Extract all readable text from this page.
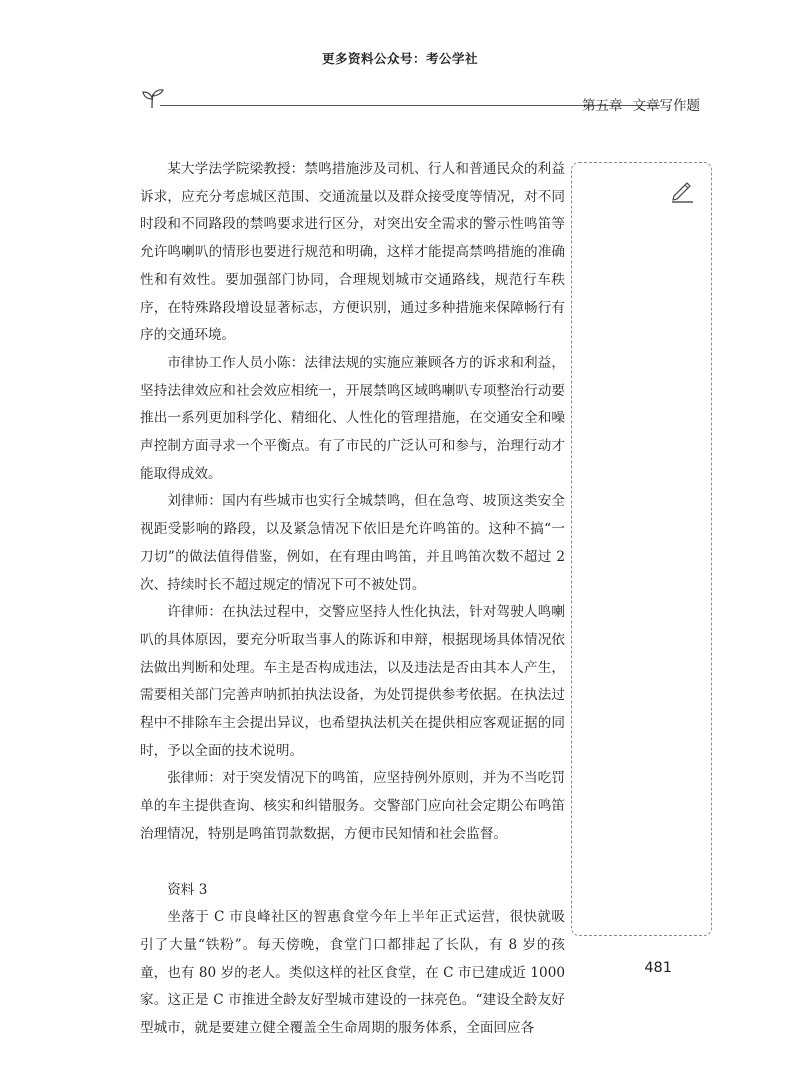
更多资料公众号：考公学社
第五章 文章写作题

某大学法学院梁教授：禁鸣措施涉及司机、行人和普通民众的利益诉求，应充分考虑城区范围、交通流量以及群众接受度等情况，对不同时段和不同路段的禁鸣要求进行区分，对突出安全需求的警示性鸣笛等允许鸣喇叭的情形也要进行规范和明确，这样才能提高禁鸣措施的准确性和有效性。要加强部门协同，合理规划城市交通路线，规范行车秩序，在特殊路段增设显著标志，方便识别，通过多种措施来保障畅行有序的交通环境。

市律协工作人员小陈：法律法规的实施应兼顾各方的诉求和利益，坚持法律效应和社会效应相统一，开展禁鸣区域鸣喇叭专项整治行动要推出一系列更加科学化、精细化、人性化的管理措施，在交通安全和噪声控制方面寻求一个平衡点。有了市民的广泛认可和参与，治理行动才能取得成效。

刘律师：国内有些城市也实行全城禁鸣，但在急弯、坡顶这类安全视距受影响的路段，以及紧急情况下依旧是允许鸣笛的。这种不搞“一刀切”的做法值得借鉴，例如，在有理由鸣笛，并且鸣笛次数不超过 2 次、持续时长不超过规定的情况下可不被处罚。

许律师：在执法过程中，交警应坚持人性化执法，针对驾驶人鸣喇叭的具体原因，要充分听取当事人的陈诉和申辩，根据现场具体情况依法做出判断和处理。车主是否构成违法，以及违法是否由其本人产生，需要相关部门完善声呐抓拍执法设备，为处罚提供参考依据。在执法过程中不排除车主会提出异议，也希望执法机关在提供相应客观证据的同时，予以全面的技术说明。

张律师：对于突发情况下的鸣笛，应坚持例外原则，并为不当吃罚单的车主提供查询、核实和纠错服务。交警部门应向社会定期公布鸣笛治理情况，特别是鸣笛罚款数据，方便市民知情和社会监督。

资料 3

坐落于 C 市良峰社区的智惠食堂今年上半年正式运营，很快就吸引了大量“铁粉”。每天傍晚，食堂门口都排起了长队，有 8 岁的孩童，也有 80 岁的老人。类似这样的社区食堂，在 C 市已建成近 1000 家。这正是 C 市推进全龄友好型城市建设的一抹亮色。“建设全龄友好型城市，就是要建立健全覆盖全生命周期的服务体系，全面回应各

481
